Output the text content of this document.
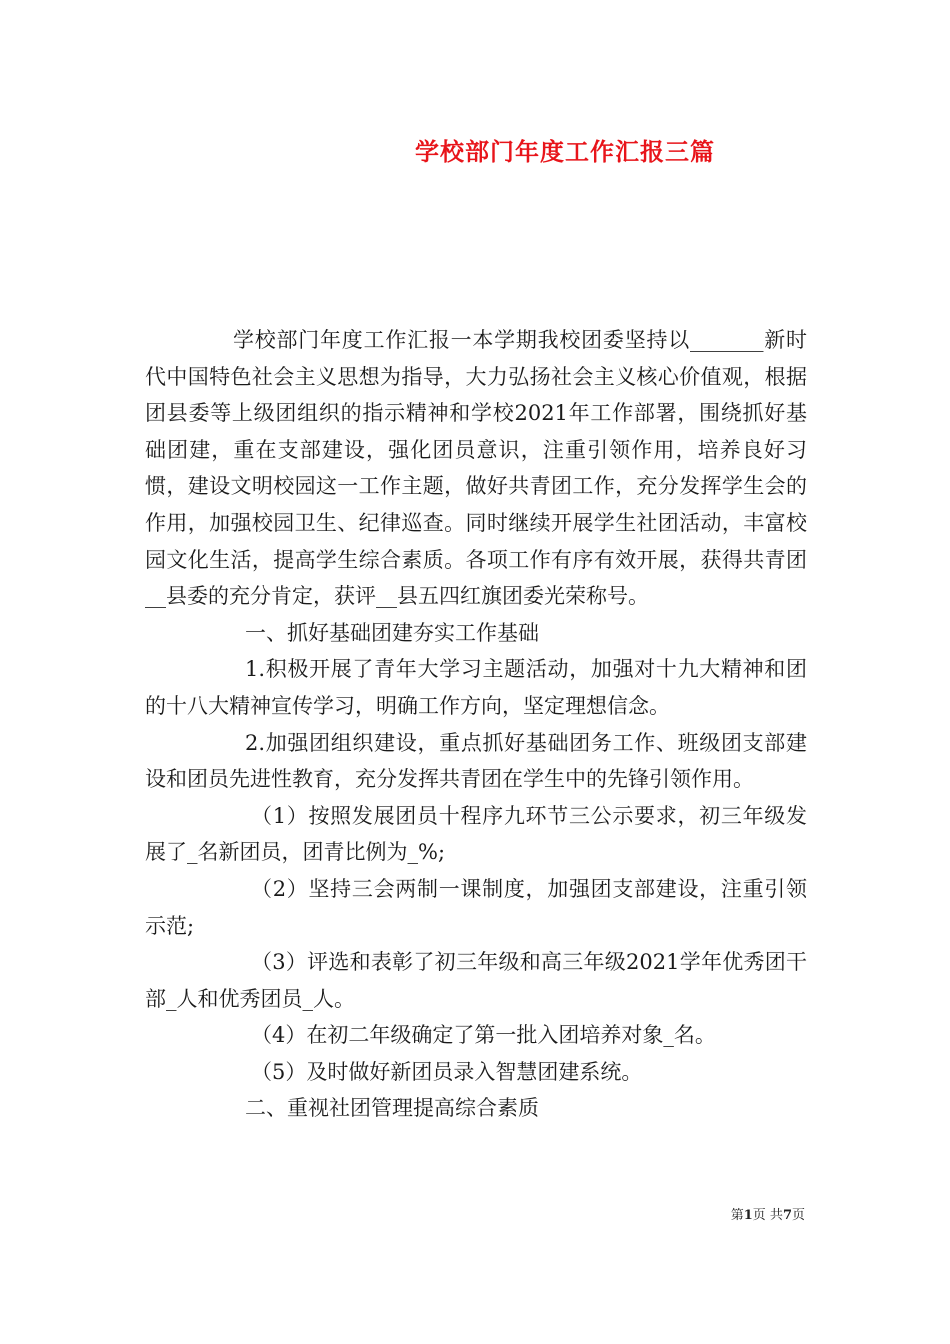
学校部门年度工作汇报三篇

学校部门年度工作汇报一本学期我校团委坚持以_______新时代中国特色社会主义思想为指导，大力弘扬社会主义核心价值观，根据团县委等上级团组织的指示精神和学校2021年工作部署，围绕抓好基础团建，重在支部建设，强化团员意识，注重引领作用，培养良好习惯，建设文明校园这一工作主题，做好共青团工作，充分发挥学生会的作用，加强校园卫生、纪律巡查。同时继续开展学生社团活动，丰富校园文化生活，提高学生综合素质。各项工作有序有效开展，获得共青团__县委的充分肯定，获评__县五四红旗团委光荣称号。

一、抓好基础团建夯实工作基础

1.积极开展了青年大学习主题活动，加强对十九大精神和团的十八大精神宣传学习，明确工作方向，坚定理想信念。

2.加强团组织建设，重点抓好基础团务工作、班级团支部建设和团员先进性教育，充分发挥共青团在学生中的先锋引领作用。

（1）按照发展团员十程序九环节三公示要求，初三年级发展了_名新团员，团青比例为_%;

（2）坚持三会两制一课制度，加强团支部建设，注重引领示范;

（3）评选和表彰了初三年级和高三年级2021学年优秀团干部_人和优秀团员_人。

（4）在初二年级确定了第一批入团培养对象_名。

（5）及时做好新团员录入智慧团建系统。

二、重视社团管理提高综合素质

第1页 共7页
